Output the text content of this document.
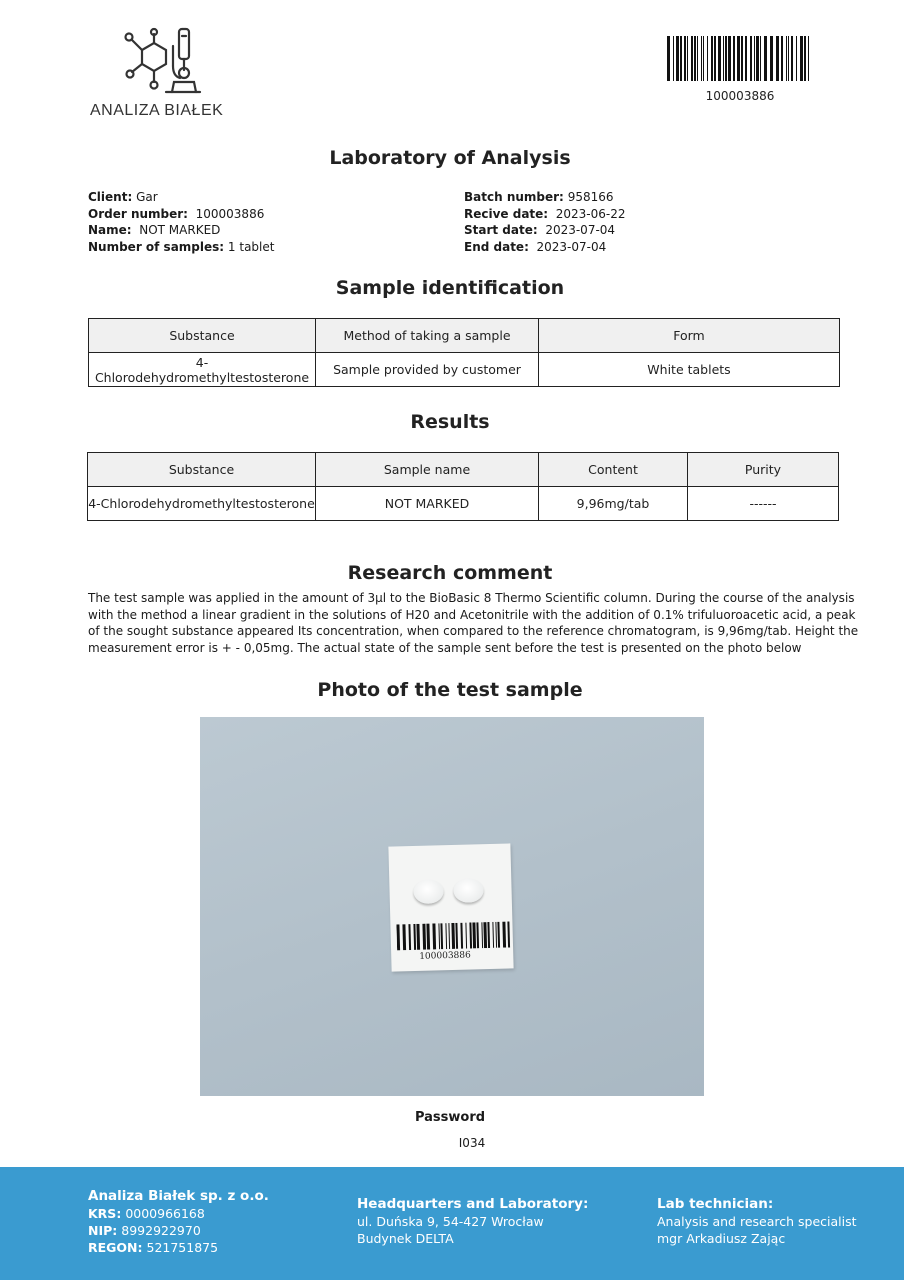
ANALIZA BIAŁEK
100003886
Laboratory of Analysis
Client: Gar
Order number: 100003886
Name: NOT MARKED
Number of samples: 1 tablet
Batch number: 958166
Recive date: 2023-06-22
Start date: 2023-07-04
End date: 2023-07-04
Sample identification
Substance	Method of taking a sample	Form
4-Chlorodehydromethyltestosterone	Sample provided by customer	White tablets
Results
Substance	Sample name	Content	Purity
4-Chlorodehydromethyltestosterone	NOT MARKED	9,96mg/tab	------
Research comment
The test sample was applied in the amount of 3µl to the BioBasic 8 Thermo Scientific column. During the course of the analysis with the method a linear gradient in the solutions of H20 and Acetonitrile with the addition of 0.1% trifuluoroacetic acid, a peak of the sought substance appeared Its concentration, when compared to the reference chromatogram, is 9,96mg/tab. Height the measurement error is + - 0,05mg. The actual state of the sample sent before the test is presented on the photo below
Photo of the test sample
100003886
Password
I034
Analiza Białek sp. z o.o.
KRS: 0000966168
NIP: 8992922970
REGON: 521751875
Headquarters and Laboratory:
ul. Duńska 9, 54-427 Wrocław
Budynek DELTA
Lab technician:
Analysis and research specialist
mgr Arkadiusz Zając
